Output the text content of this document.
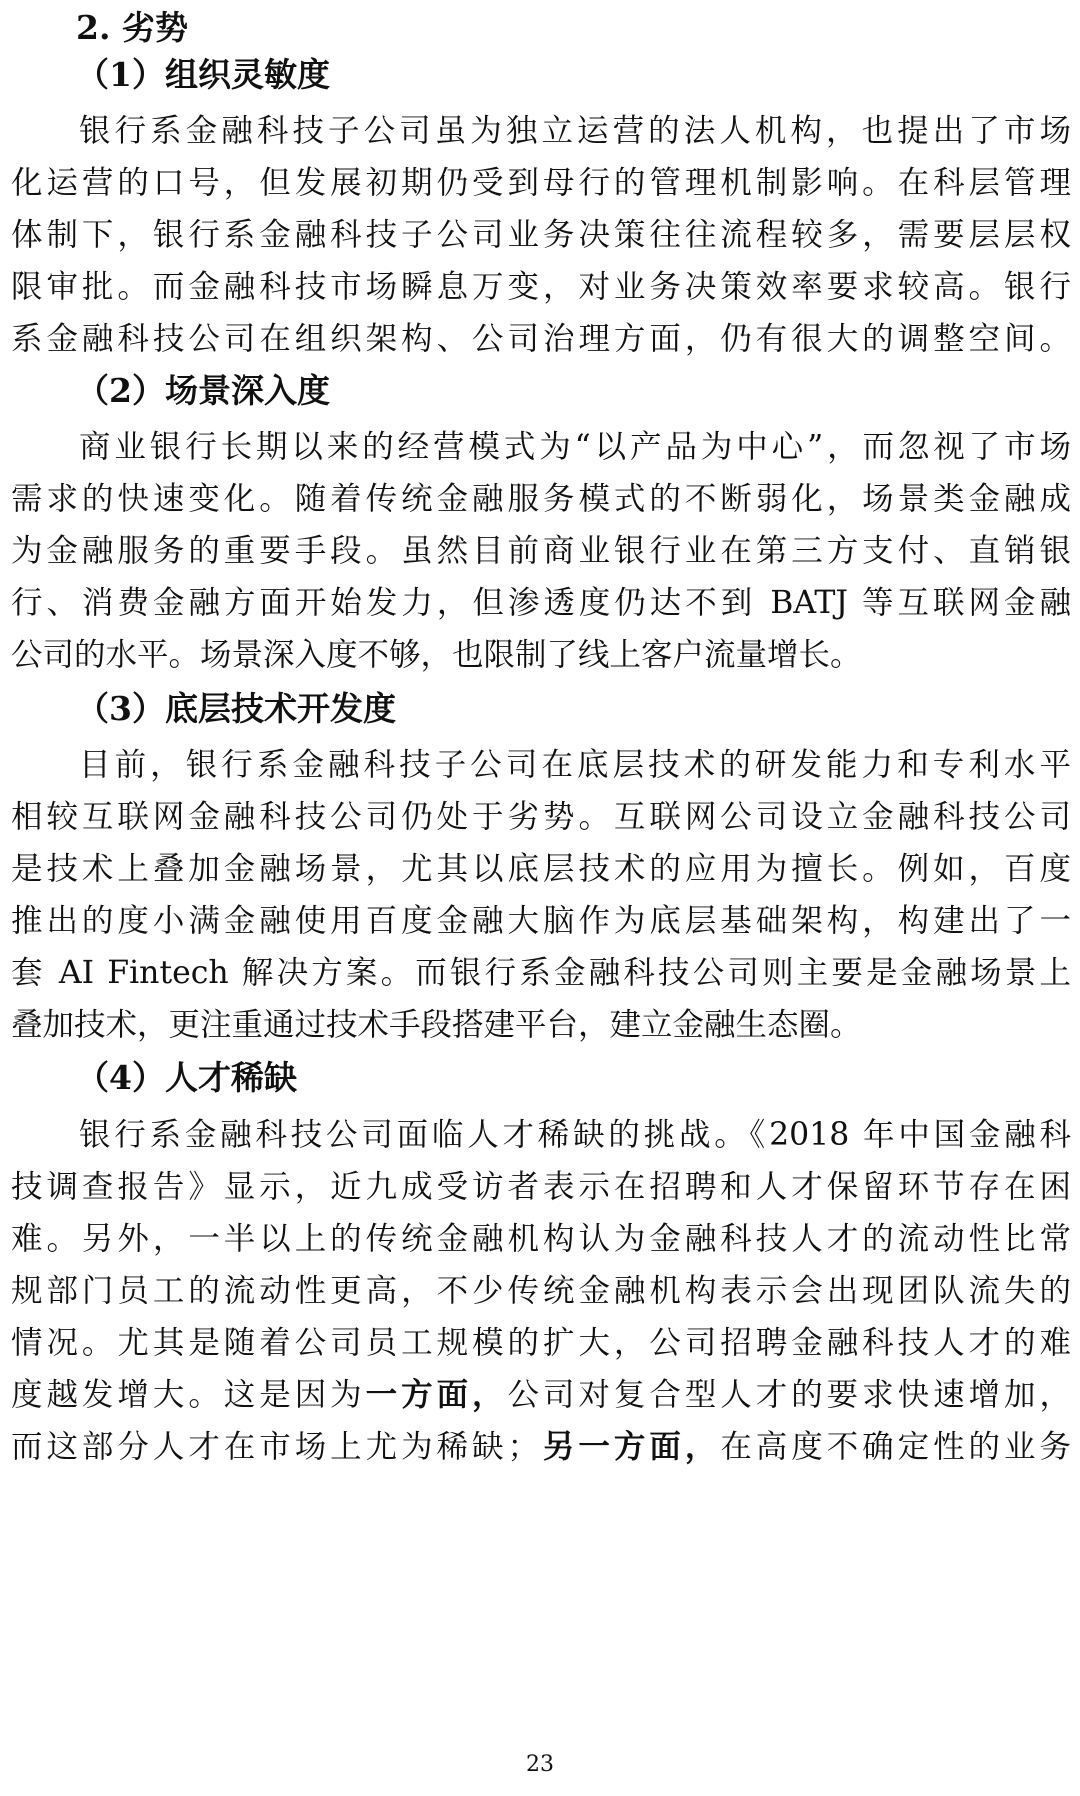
2. 劣势
（1）组织灵敏度
银行系金融科技子公司虽为独立运营的法人机构，也提出了市场
化运营的口号，但发展初期仍受到母行的管理机制影响。在科层管理
体制下，银行系金融科技子公司业务决策往往流程较多，需要层层权
限审批。而金融科技市场瞬息万变，对业务决策效率要求较高。银行
系金融科技公司在组织架构、公司治理方面，仍有很大的调整空间。
（2）场景深入度
商业银行长期以来的经营模式为“以产品为中心”，而忽视了市场
需求的快速变化。随着传统金融服务模式的不断弱化，场景类金融成
为金融服务的重要手段。虽然目前商业银行业在第三方支付、直销银
行、消费金融方面开始发力，但渗透度仍达不到 BATJ 等互联网金融
公司的水平。场景深入度不够，也限制了线上客户流量增长。
（3）底层技术开发度
目前，银行系金融科技子公司在底层技术的研发能力和专利水平
相较互联网金融科技公司仍处于劣势。互联网公司设立金融科技公司
是技术上叠加金融场景，尤其以底层技术的应用为擅长。例如，百度
推出的度小满金融使用百度金融大脑作为底层基础架构，构建出了一
套 AI Fintech 解决方案。而银行系金融科技公司则主要是金融场景上
叠加技术，更注重通过技术手段搭建平台，建立金融生态圈。
（4）人才稀缺
银行系金融科技公司面临人才稀缺的挑战。《2018 年中国金融科
技调查报告》显示，近九成受访者表示在招聘和人才保留环节存在困
难。另外，一半以上的传统金融机构认为金融科技人才的流动性比常
规部门员工的流动性更高，不少传统金融机构表示会出现团队流失的
情况。尤其是随着公司员工规模的扩大，公司招聘金融科技人才的难
度越发增大。这是因为一方面，公司对复合型人才的要求快速增加，
而这部分人才在市场上尤为稀缺；另一方面，在高度不确定性的业务
23
